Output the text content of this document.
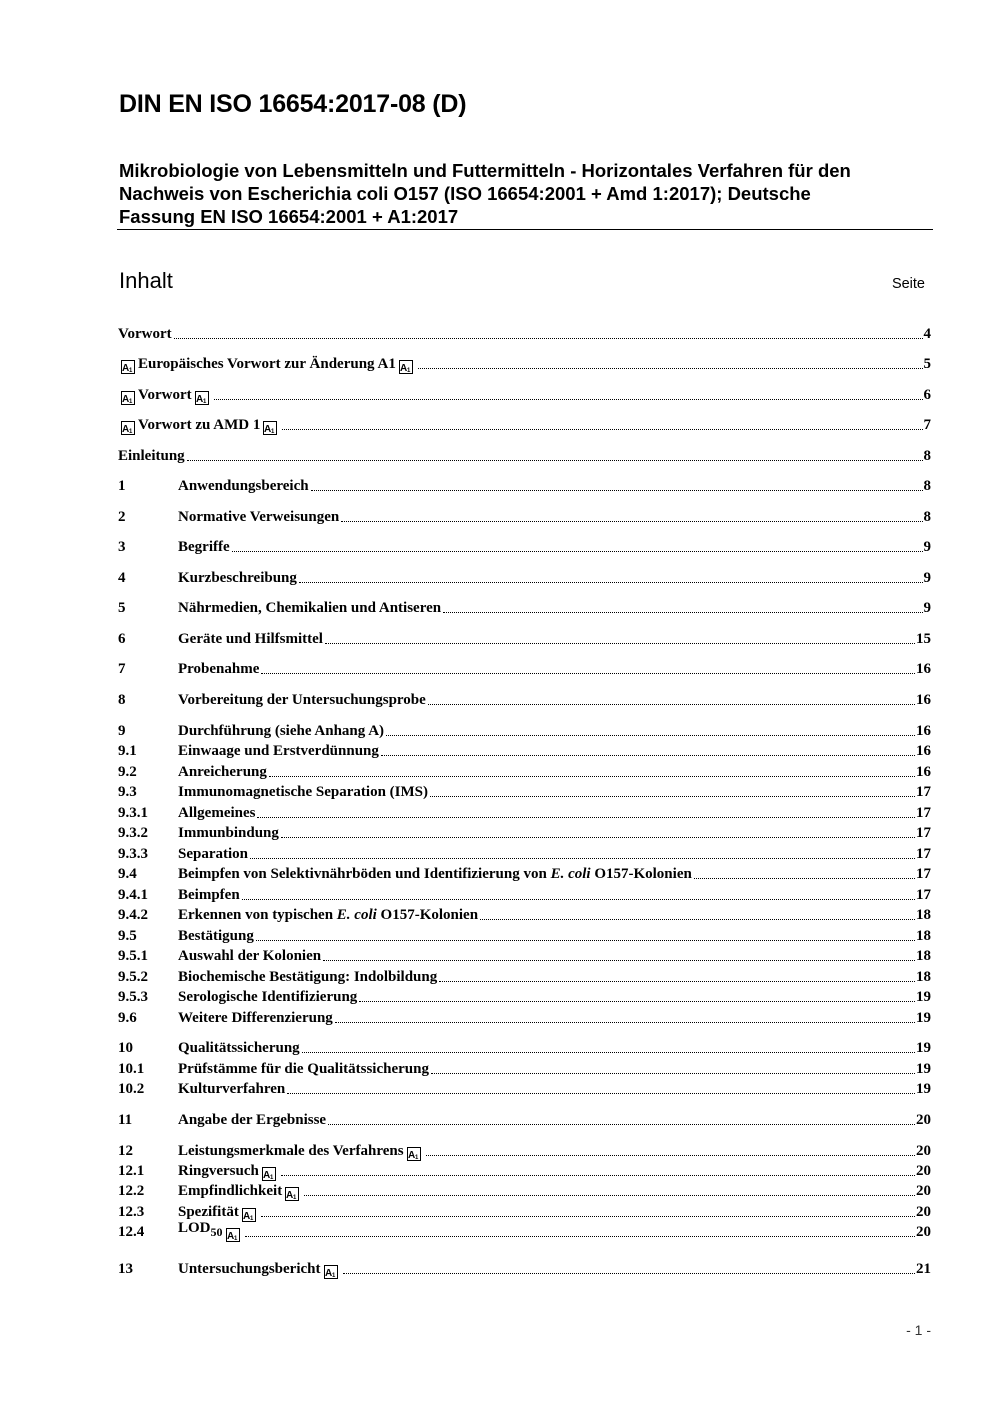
DIN EN ISO 16654:2017-08 (D)
Mikrobiologie von Lebensmitteln und Futtermitteln - Horizontales Verfahren für den
Nachweis von Escherichia coli O157 (ISO 16654:2001 + Amd 1:2017); Deutsche
Fassung EN ISO 16654:2001 + A1:2017
Inhalt	Seite
Vorwort	4
A 1 Europäisches Vorwort zur Änderung A1 A 1	5
A 1 Vorwort A 1	6
A 1 Vorwort zu AMD 1 A 1	7
Einleitung	8
1	Anwendungsbereich	8
2	Normative Verweisungen	8
3	Begriffe	9
4	Kurzbeschreibung	9
5	Nährmedien, Chemikalien und Antiseren	9
6	Geräte und Hilfsmittel	15
7	Probenahme	16
8	Vorbereitung der Untersuchungsprobe	16
9	Durchführung (siehe Anhang A)	16
9.1	Einwaage und Erstverdünnung	16
9.2	Anreicherung	16
9.3	Immunomagnetische Separation (IMS)	17
9.3.1	Allgemeines	17
9.3.2	Immunbindung	17
9.3.3	Separation	17
9.4	Beimpfen von Selektivnährböden und Identifizierung von E. coli O157-Kolonien	17
9.4.1	Beimpfen	17
9.4.2	Erkennen von typischen E. coli O157-Kolonien	18
9.5	Bestätigung	18
9.5.1	Auswahl der Kolonien	18
9.5.2	Biochemische Bestätigung: Indolbildung	18
9.5.3	Serologische Identifizierung	19
9.6	Weitere Differenzierung	19
10	Qualitätssicherung	19
10.1	Prüfstämme für die Qualitätssicherung	19
10.2	Kulturverfahren	19
11	Angabe der Ergebnisse	20
12	Leistungsmerkmale des Verfahrens A 1	20
12.1	Ringversuch A 1	20
12.2	Empfindlichkeit A 1	20
12.3	Spezifität A 1	20
12.4	$LOD_{50}$ A 1	20
13	Untersuchungsbericht A 1	21
- 1 -
